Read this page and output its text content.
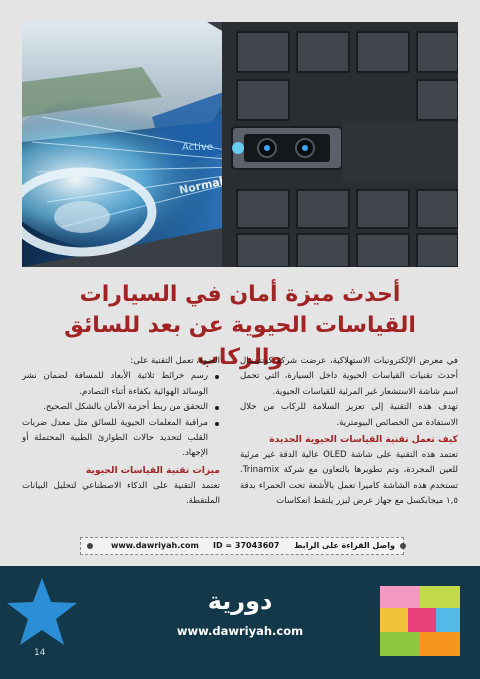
أحدث ميزة أمان في السيارات
القياسات الحيوية عن بعد للسائق والركاب

في معرض الإلكترونيات الاستهلاكية، عرضت شركة كونتيننتال أحدث تقنيات القياسات الحيوية داخل السيارة، التي تحمل اسم شاشة الاستشعار غير المرئية للقياسات الحيوية.

تهدف هذه التقنية إلى تعزيز السلامة للركاب من خلال الاستفادة من الخصائص البيومترية.

كيف تعمل تقنية القياسات الحيوية الجديدة

تعتمد هذه التقنية على شاشة OLED عالية الدقة غير مرئية للعين المجردة، وتم تطويرها بالتعاون مع شركة Trinamix. تستخدم هذه الشاشة كاميرا تعمل بالأشعة تحت الحمراء بدقة ١,٥ ميجابكسل مع جهاز عرض ليزر يلتقط انعكاسات

الضوء، تعمل التقنية على:

رسم خرائط ثلاثية الأبعاد للمسافة لضمان نشر الوسائد الهوائية بكفاءة أثناء التصادم.
التحقق من ربط أحزمة الأمان بالشكل الصحيح.
مراقبة المعلمات الحيوية للسائق مثل معدل ضربات القلب لتحديد حالات الطوارئ الطبية المحتملة أو الإجهاد.

ميزات تقنية القياسات الحيوية

تعتمد التقنية على الذكاء الاصطناعي لتحليل البيانات الملتقطة.

www.dawriyah.com ID = 37043607 واصل القراءة على الرابط
دورية
www.dawriyah.com
14
